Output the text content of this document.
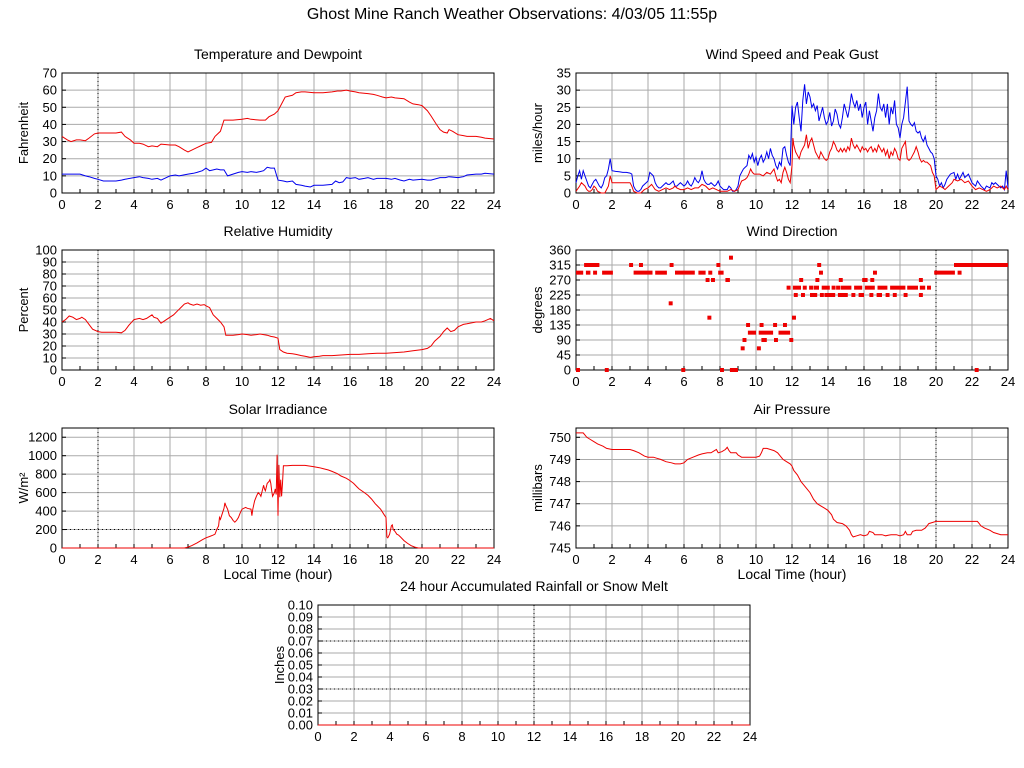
Ghost Mine Ranch Weather Observations: 4/03/05 11:55p
0 2 4 6 8 10 12 14 16 18 20 22 24
0
10
20
30
40
50
60
70
Temperature and Dewpoint
Fahrenheit
0 2 4 6 8 10 12 14 16 18 20 22 24
0
5
10
15
20
25
30
35
Wind Speed and Peak Gust
miles/hour
0 2 4 6 8 10 12 14 16 18 20 22 24
0
10
20
30
40
50
60
70
80
90
100
Relative Humidity
Percent
0 2 4 6 8 10 12 14 16 18 20 22 24
0
45
90
135
180
225
270
315
360
Wind Direction
degrees
0 2 4 6 8 10 12 14 16 18 20 22 24
0
200
400
600
800
1000
1200
Solar Irradiance
W/m²
Local Time (hour)
0 2 4 6 8 10 12 14 16 18 20 22 24
745
746
747
748
749
750
Air Pressure
millibars
Local Time (hour)
0 2 4 6 8 10 12 14 16 18 20 22 24
0.00
0.01
0.02
0.03
0.04
0.05
0.06
0.07
0.08
0.09
0.10
24 hour Accumulated Rainfall or Snow Melt
Inches
